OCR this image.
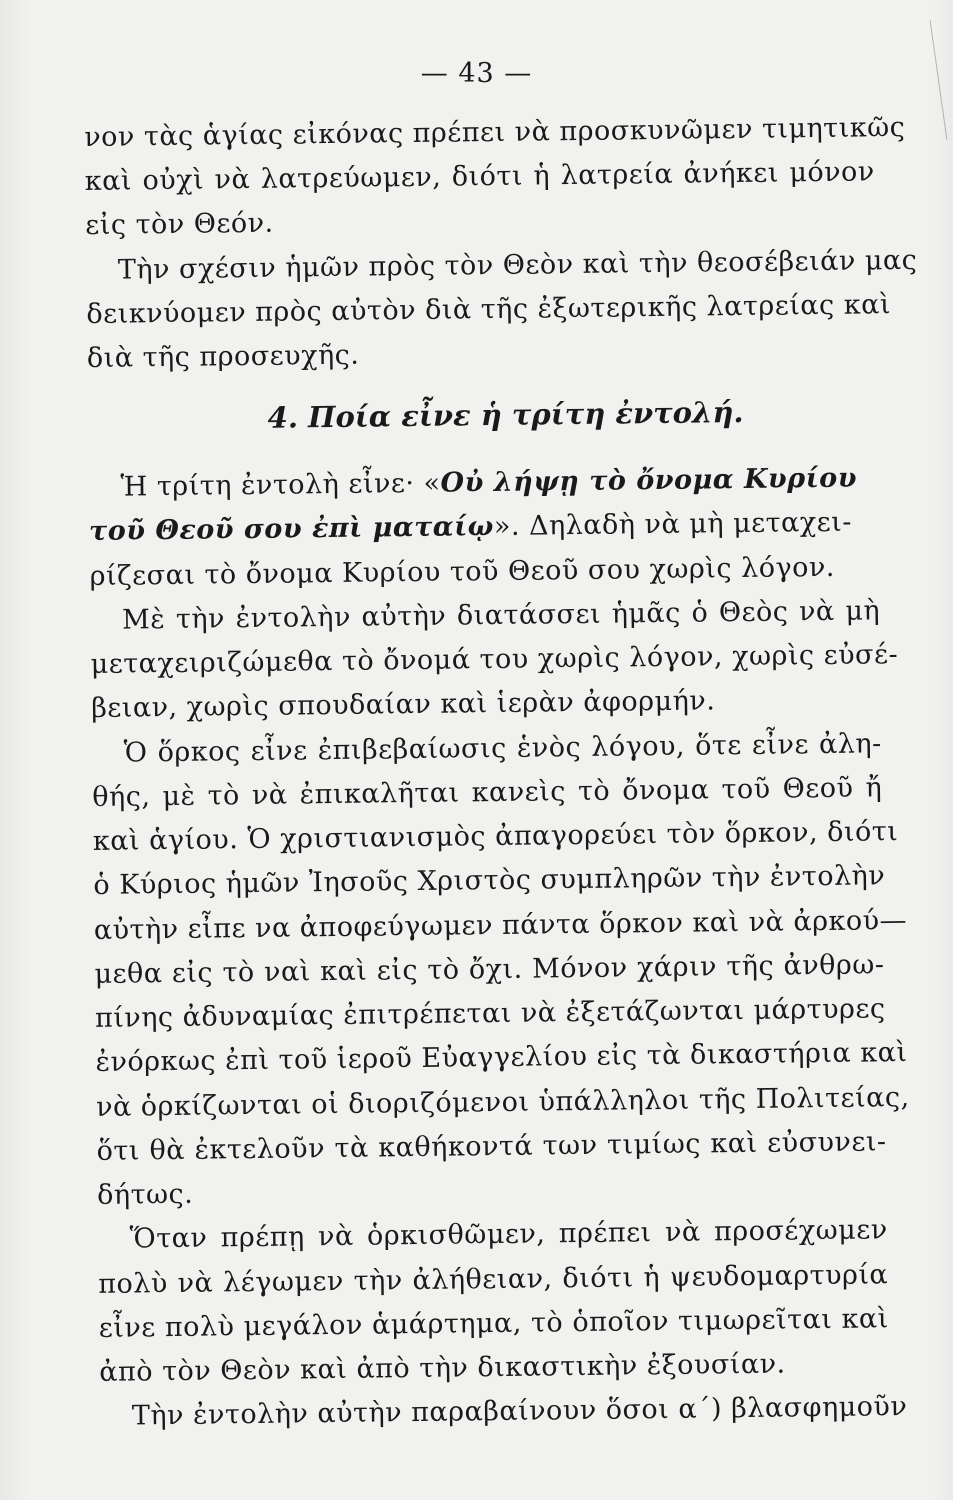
— 43 —
νον τὰς ἁγίας εἰκόνας πρέπει νὰ προσκυνῶμεν τιμητικῶς
καὶ οὐχὶ νὰ λατρεύωμεν, διότι ἡ λατρεία ἀνήκει μόνον
εἰς τὸν Θεόν.
Τὴν σχέσιν ἡμῶν πρὸς τὸν Θεὸν καὶ τὴν θεοσέβειάν μας
δεικνύομεν πρὸς αὐτὸν διὰ τῆς ἐξωτερικῆς λατρείας καὶ
διὰ τῆς προσευχῆς.
4. Ποία εἶνε ἡ τρίτη ἐντολή.
Ἡ τρίτη ἐντολὴ εἶνε· «Οὐ λήψῃ τὸ ὄνομα Κυρίου
τοῦ Θεοῦ σου ἐπὶ ματαίῳ». Δηλαδὴ νὰ μὴ μεταχει-
ρίζεσαι τὸ ὄνομα Κυρίου τοῦ Θεοῦ σου χωρὶς λόγον.
Μὲ τὴν ἐντολὴν αὐτὴν διατάσσει ἡμᾶς ὁ Θεὸς νὰ μὴ
μεταχειριζώμεθα τὸ ὄνομά του χωρὶς λόγον, χωρὶς εὐσέ-
βειαν, χωρὶς σπουδαίαν καὶ ἱερὰν ἀφορμήν.
Ὁ ὅρκος εἶνε ἐπιβεβαίωσις ἑνὸς λόγου, ὅτε εἶνε ἀλη-
θής, μὲ τὸ νὰ ἐπικαλῆται κανεὶς τὸ ὄνομα τοῦ Θεοῦ ἤ
καὶ ἁγίου. Ὁ χριστιανισμὸς ἀπαγορεύει τὸν ὅρκον, διότι
ὁ Κύριος ἡμῶν Ἰησοῦς Χριστὸς συμπληρῶν τὴν ἐντολὴν
αὐτὴν εἶπε να ἀποφεύγωμεν πάντα ὅρκον καὶ νὰ ἀρκού—
μεθα εἰς τὸ ναὶ καὶ εἰς τὸ ὄχι. Μόνον χάριν τῆς ἀνθρω-
πίνης ἀδυναμίας ἐπιτρέπεται νὰ ἐξετάζωνται μάρτυρες
ἐνόρκως ἐπὶ τοῦ ἱεροῦ Εὐαγγελίου εἰς τὰ δικαστήρια καὶ
νὰ ὁρκίζωνται οἱ διοριζόμενοι ὑπάλληλοι τῆς Πολιτείας,
ὅτι θὰ ἐκτελοῦν τὰ καθήκοντά των τιμίως καὶ εὐσυνει-
δήτως.
Ὅταν πρέπῃ νὰ ὁρκισθῶμεν, πρέπει νὰ προσέχωμεν
πολὺ νὰ λέγωμεν τὴν ἀλήθειαν, διότι ἡ ψευδομαρτυρία
εἶνε πολὺ μεγάλον ἁμάρτημα, τὸ ὁποῖον τιμωρεῖται καὶ
ἀπὸ τὸν Θεὸν καὶ ἀπὸ τὴν δικαστικὴν ἐξουσίαν.
Τὴν ἐντολὴν αὐτὴν παραβαίνουν ὅσοι α΄) βλασφημοῦν
